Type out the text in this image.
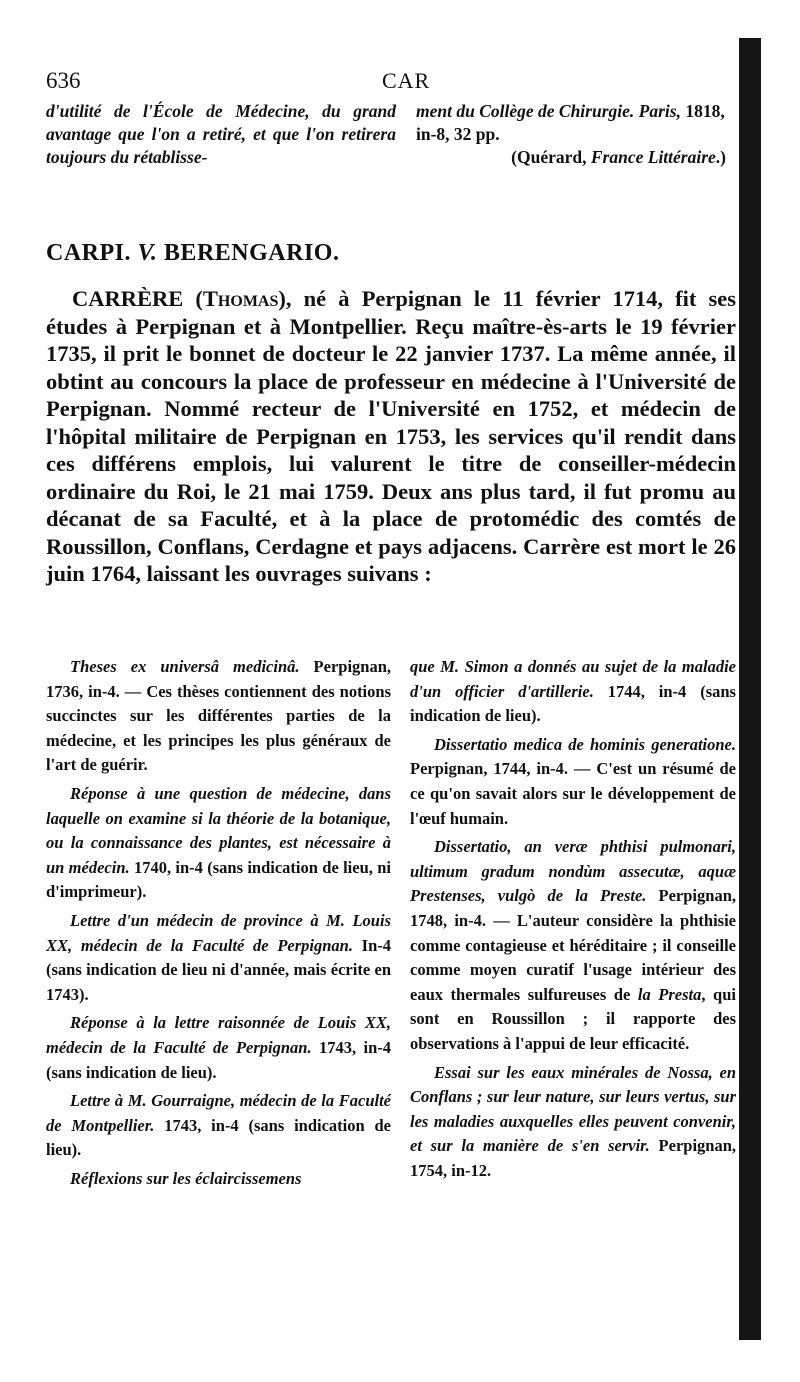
636	CAR
d'utilité de l'École de Médecine, du grand avantage que l'on a retiré, et que l'on retirera toujours du rétablisse-
ment du Collège de Chirurgie. Paris, 1818, in-8, 32 pp.
(Quérard, France Littéraire.)
CARPI. V. BERENGARIO.
CARRÈRE (Thomas), né à Perpignan le 11 février 1714, fit ses études à Perpignan et à Montpellier. Reçu maître-ès-arts le 19 février 1735, il prit le bonnet de docteur le 22 janvier 1737. La même année, il obtint au concours la place de professeur en médecine à l'Université de Perpignan. Nommé recteur de l'Université en 1752, et médecin de l'hôpital militaire de Perpignan en 1753, les services qu'il rendit dans ces différens emplois, lui valurent le titre de conseiller-médecin ordinaire du Roi, le 21 mai 1759. Deux ans plus tard, il fut promu au décanat de sa Faculté, et à la place de protomédic des comtés de Roussillon, Conflans, Cerdagne et pays adjacens. Carrère est mort le 26 juin 1764, laissant les ouvrages suivans :

Theses ex universâ medicinâ. Perpignan, 1736, in-4. — Ces thèses contiennent des notions succinctes sur les différentes parties de la médecine, et les principes les plus généraux de l'art de guérir.

Réponse à une question de médecine, dans laquelle on examine si la théorie de la botanique, ou la connaissance des plantes, est nécessaire à un médecin. 1740, in-4 (sans indication de lieu, ni d'imprimeur).

Lettre d'un médecin de province à M. Louis XX, médecin de la Faculté de Perpignan. In-4 (sans indication de lieu ni d'année, mais écrite en 1743).

Réponse à la lettre raisonnée de Louis XX, médecin de la Faculté de Perpignan. 1743, in-4 (sans indication de lieu).

Lettre à M. Gourraigne, médecin de la Faculté de Montpellier. 1743, in-4 (sans indication de lieu).

Réflexions sur les éclaircissemens

que M. Simon a donnés au sujet de la maladie d'un officier d'artillerie. 1744, in-4 (sans indication de lieu).

Dissertatio medica de hominis generatione. Perpignan, 1744, in-4. — C'est un résumé de ce qu'on savait alors sur le développement de l'œuf humain.

Dissertatio, an veræ phthisi pulmonari, ultimum gradum nondùm assecutæ, aquæ Prestenses, vulgò de la Preste. Perpignan, 1748, in-4. — L'auteur considère la phthisie comme contagieuse et héréditaire ; il conseille comme moyen curatif l'usage intérieur des eaux thermales sulfureuses de la Presta, qui sont en Roussillon ; il rapporte des observations à l'appui de leur efficacité.

Essai sur les eaux minérales de Nossa, en Conflans ; sur leur nature, sur leurs vertus, sur les maladies auxquelles elles peuvent convenir, et sur la manière de s'en servir. Perpignan, 1754, in-12.
